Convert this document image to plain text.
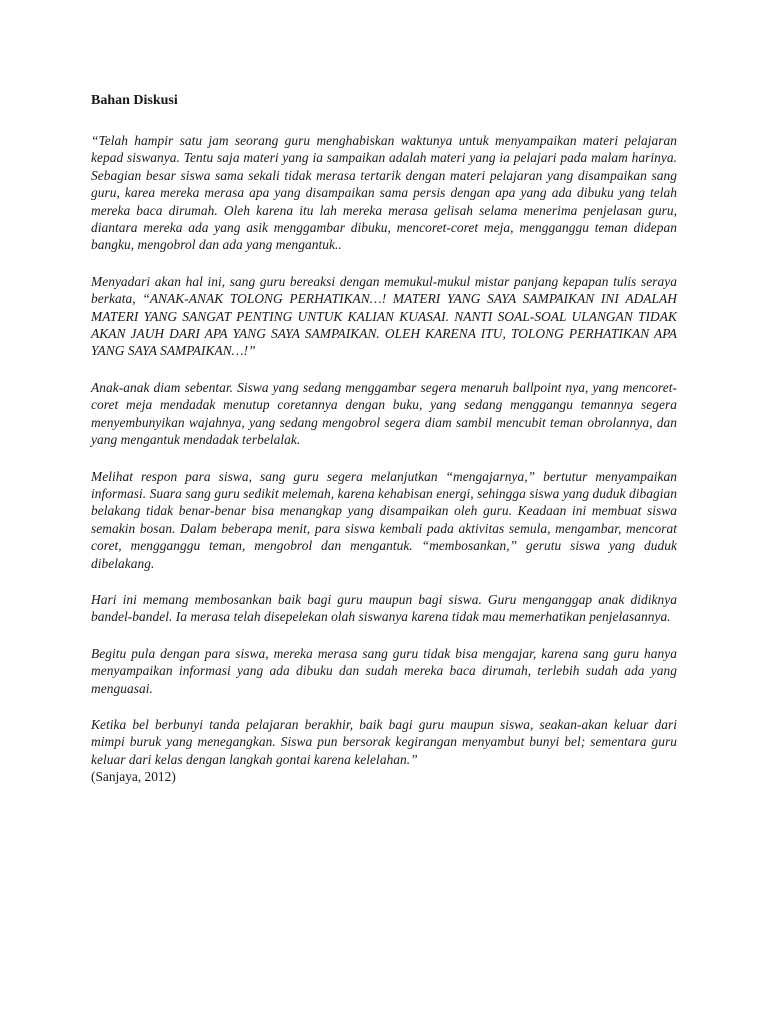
Bahan Diskusi

“Telah hampir satu jam seorang guru menghabiskan waktunya untuk menyampaikan materi pelajaran kepad siswanya. Tentu saja materi yang ia sampaikan adalah materi yang ia pelajari pada malam harinya. Sebagian besar siswa sama sekali tidak merasa tertarik dengan materi pelajaran yang disampaikan sang guru, karea mereka merasa apa yang disampaikan sama persis dengan apa yang ada dibuku yang telah mereka baca dirumah. Oleh karena itu lah mereka merasa gelisah selama menerima penjelasan guru, diantara mereka ada yang asik menggambar dibuku, mencoret-coret meja, mengganggu teman didepan bangku, mengobrol dan ada yang mengantuk..

Menyadari akan hal ini, sang guru bereaksi dengan memukul-mukul mistar panjang kepapan tulis seraya berkata, “ANAK-ANAK TOLONG PERHATIKAN…! MATERI YANG SAYA SAMPAIKAN INI ADALAH MATERI YANG SANGAT PENTING UNTUK KALIAN KUASAI. NANTI SOAL-SOAL ULANGAN TIDAK AKAN JAUH DARI APA YANG SAYA SAMPAIKAN. OLEH KARENA ITU, TOLONG PERHATIKAN APA YANG SAYA SAMPAIKAN…!”

Anak-anak diam sebentar. Siswa yang sedang menggambar segera menaruh ballpoint nya, yang mencoret-coret meja mendadak menutup coretannya dengan buku, yang sedang menggangu temannya segera menyembunyikan wajahnya, yang sedang mengobrol segera diam sambil mencubit teman obrolannya, dan yang mengantuk mendadak terbelalak.

Melihat respon para siswa, sang guru segera melanjutkan “mengajarnya,” bertutur menyampaikan informasi. Suara sang guru sedikit melemah, karena kehabisan energi, sehingga siswa yang duduk dibagian belakang tidak benar-benar bisa menangkap yang disampaikan oleh guru. Keadaan ini membuat siswa semakin bosan. Dalam beberapa menit, para siswa kembali pada aktivitas semula, mengambar, mencorat coret, mengganggu teman, mengobrol dan mengantuk. “membosankan,” gerutu siswa yang duduk dibelakang.

Hari ini memang membosankan baik bagi guru maupun bagi siswa. Guru menganggap anak didiknya bandel-bandel. Ia merasa telah disepelekan olah siswanya karena tidak mau memerhatikan penjelasannya.

Begitu pula dengan para siswa, mereka merasa sang guru tidak bisa mengajar, karena sang guru hanya menyampaikan informasi yang ada dibuku dan sudah mereka baca dirumah, terlebih sudah ada yang menguasai.

Ketika bel berbunyi tanda pelajaran berakhir, baik bagi guru maupun siswa, seakan-akan keluar dari mimpi buruk yang menegangkan. Siswa pun bersorak kegirangan menyambut bunyi bel; sementara guru keluar dari kelas dengan langkah gontai karena kelelahan.”

(Sanjaya, 2012)
